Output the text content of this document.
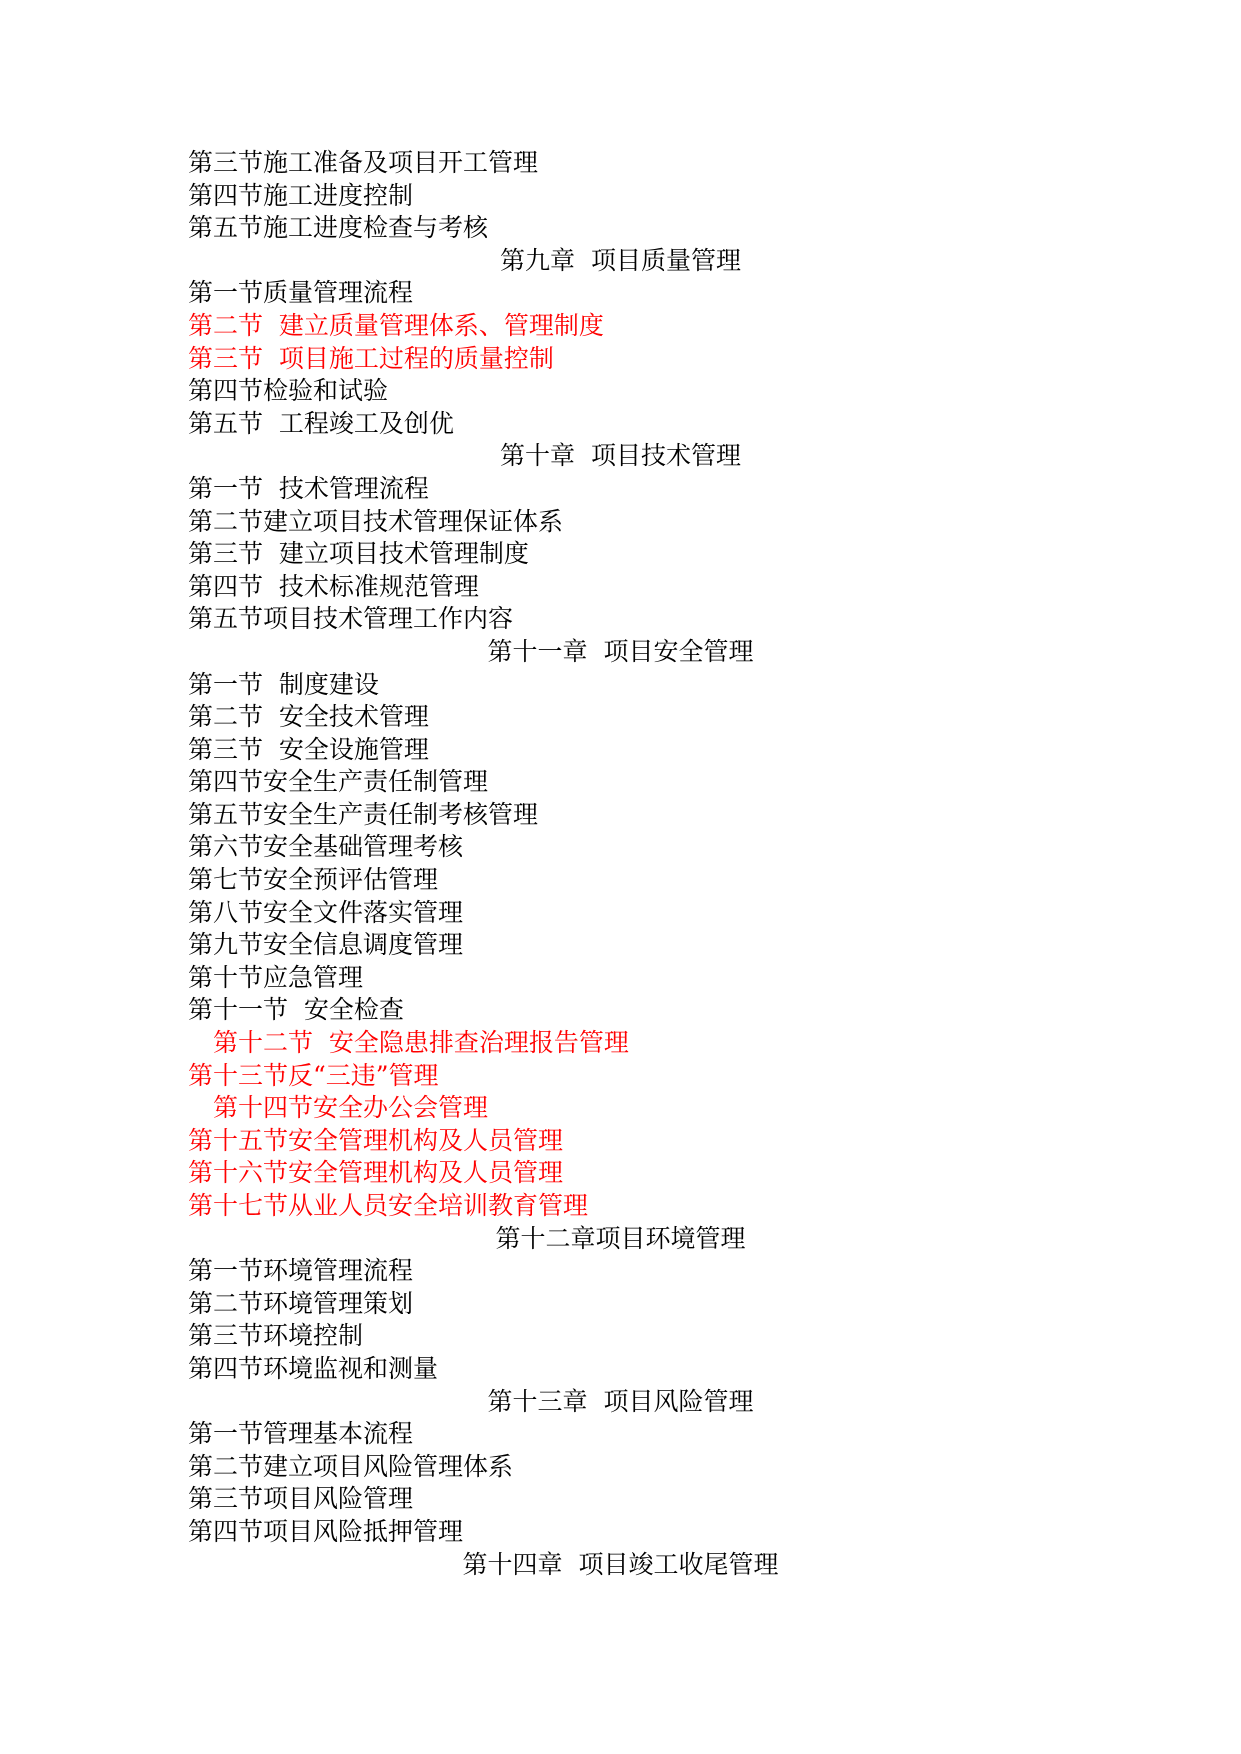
第三节施工准备及项目开工管理
第四节施工进度控制
第五节施工进度检查与考核
第九章  项目质量管理
第一节质量管理流程
第二节  建立质量管理体系、管理制度
第三节  项目施工过程的质量控制
第四节检验和试验
第五节  工程竣工及创优
第十章  项目技术管理
第一节  技术管理流程
第二节建立项目技术管理保证体系
第三节  建立项目技术管理制度
第四节  技术标准规范管理
第五节项目技术管理工作内容
第十一章  项目安全管理
第一节  制度建设
第二节  安全技术管理
第三节  安全设施管理
第四节安全生产责任制管理
第五节安全生产责任制考核管理
第六节安全基础管理考核
第七节安全预评估管理
第八节安全文件落实管理
第九节安全信息调度管理
第十节应急管理
第十一节  安全检查
第十二节  安全隐患排查治理报告管理
第十三节反“三违”管理
第十四节安全办公会管理
第十五节安全管理机构及人员管理
第十六节安全管理机构及人员管理
第十七节从业人员安全培训教育管理
第十二章项目环境管理
第一节环境管理流程
第二节环境管理策划
第三节环境控制
第四节环境监视和测量
第十三章  项目风险管理
第一节管理基本流程
第二节建立项目风险管理体系
第三节项目风险管理
第四节项目风险抵押管理
第十四章  项目竣工收尾管理
